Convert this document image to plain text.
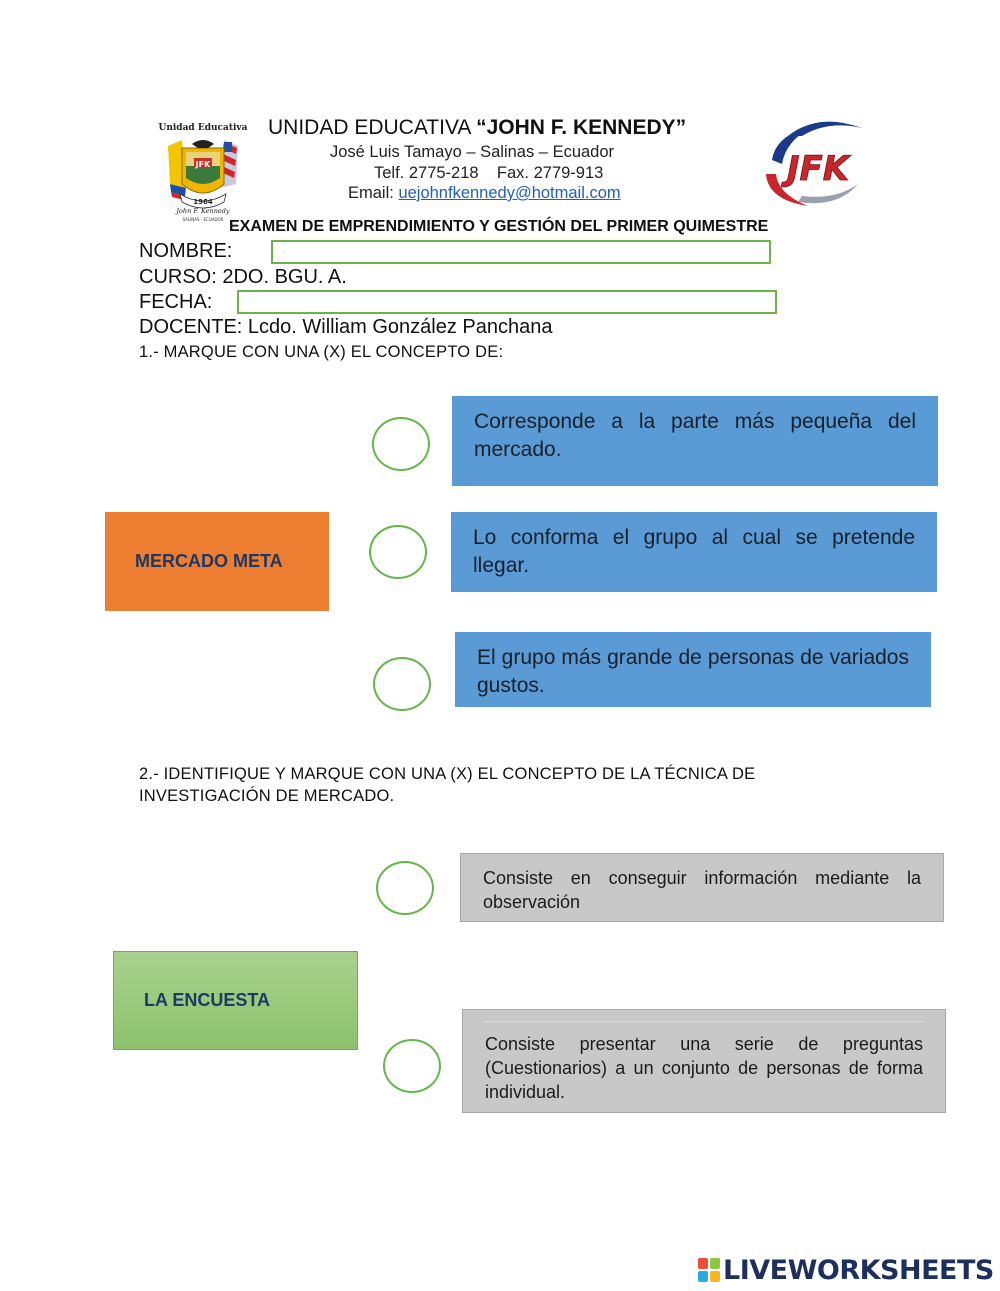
Unidad Educativa
JFK
1964
John F. Kennedy
SALINAS - ECUADOR
UNIDAD EDUCATIVA “JOHN F. KENNEDY”
José Luis Tamayo – Salinas – Ecuador
Telf. 2775-218 Fax. 2779-913
Email: uejohnfkennedy@hotmail.com
JFK
EXAMEN DE EMPRENDIMIENTO Y GESTIÓN DEL PRIMER QUIMESTRE
NOMBRE:
CURSO: 2DO. BGU. A.
FECHA:
DOCENTE: Lcdo. William González Panchana
1.- MARQUE CON UNA (X) EL CONCEPTO DE:
Corresponde a la parte más pequeña del mercado.
MERCADO META
Lo conforma el grupo al cual se pretende llegar.
El grupo más grande de personas de variados gustos.
2.- IDENTIFIQUE Y MARQUE CON UNA (X) EL CONCEPTO DE LA TÉCNICA DE
INVESTIGACIÓN DE MERCADO.
Consiste en conseguir información mediante la observación
LA ENCUESTA
Consiste presentar una serie de preguntas (Cuestionarios) a un conjunto de personas de forma individual.
LIVEWORKSHEETS
